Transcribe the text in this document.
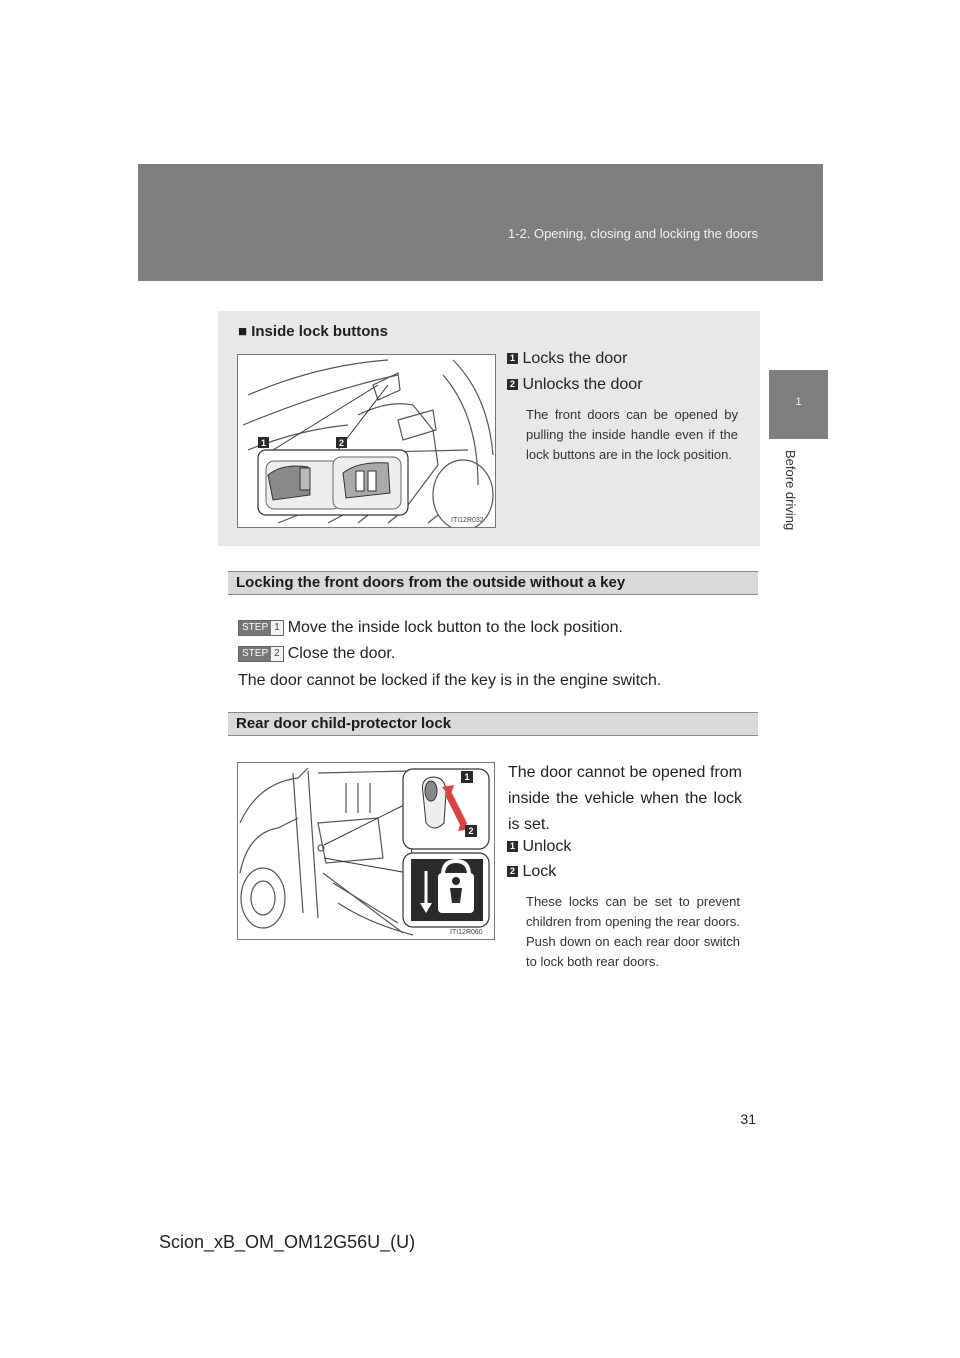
1-2. Opening, closing and locking the doors
1
Before driving
■ Inside lock buttons
1	2
ITI12R032
1 Locks the door
2 Unlocks the door
The front doors can be opened by pulling the inside handle even if the lock buttons are in the lock position.
Locking the front doors from the outside without a key
STEP 1 Move the inside lock button to the lock position.
STEP 2 Close the door.
The door cannot be locked if the key is in the engine switch.
Rear door child-protector lock
1
2
ITI12R060
The door cannot be opened from inside the vehicle when the lock is set.
1 Unlock
2 Lock
These locks can be set to prevent children from opening the rear doors. Push down on each rear door switch to lock both rear doors.
31
Scion_xB_OM_OM12G56U_(U)
